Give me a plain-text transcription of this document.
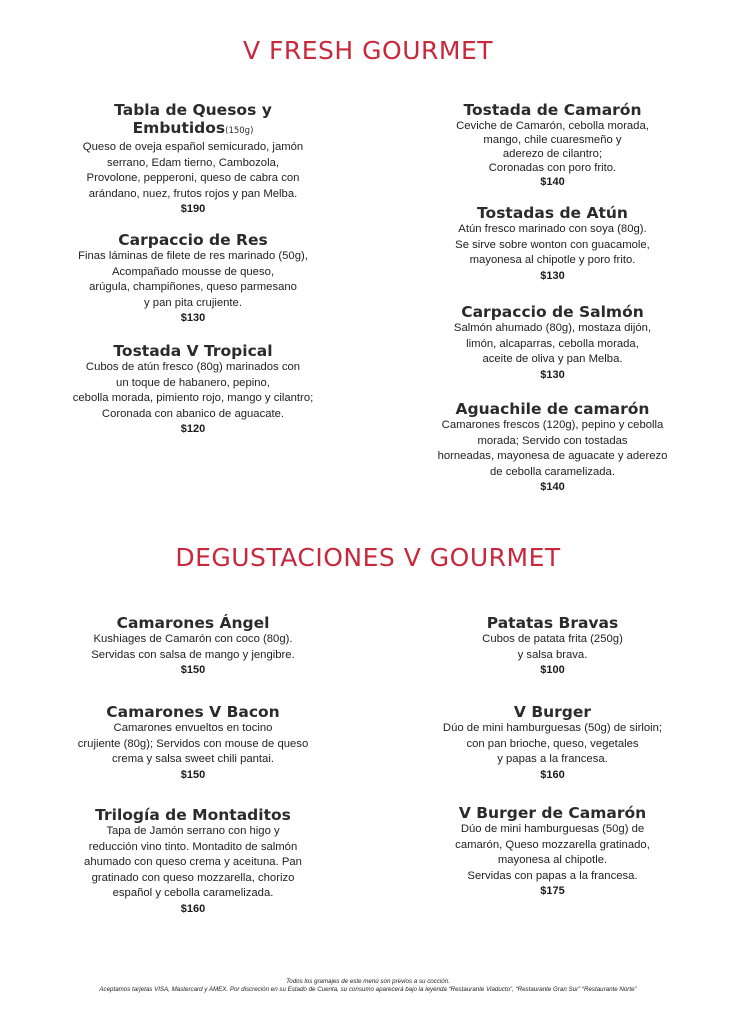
V FRESH GOURMET
Tabla de Quesos y
Embutidos(150g)
Queso de oveja español semicurado, jamón
serrano, Edam tierno, Cambozola,
Provolone, pepperoni, queso de cabra con
arándano, nuez, frutos rojos y pan Melba.
$190
Carpaccio de Res
Finas láminas de filete de res marinado (50g),
Acompañado mousse de queso,
arúgula, champiñones, queso parmesano
y pan pita crujiente.
$130
Tostada V Tropical
Cubos de atún fresco (80g) marinados con
un toque de habanero, pepino,
cebolla morada, pimiento rojo, mango y cilantro;
Coronada con abanico de aguacate.
$120
Tostada de Camarón
Ceviche de Camarón, cebolla morada,
mango, chile cuaresmeño y
aderezo de cilantro;
Coronadas con poro frito.
$140
Tostadas de Atún
Atún fresco marinado con soya (80g).
Se sirve sobre wonton con guacamole,
mayonesa al chipotle y poro frito.
$130
Carpaccio de Salmón
Salmón ahumado (80g), mostaza dijón,
limón, alcaparras, cebolla morada,
aceite de oliva y pan Melba.
$130
Aguachile de camarón
Camarones frescos (120g), pepino y cebolla
morada; Servido con tostadas
horneadas, mayonesa de aguacate y aderezo
de cebolla caramelizada.
$140
DEGUSTACIONES V GOURMET
Camarones Ángel
Kushiages de Camarón con coco (80g).
Servidas con salsa de mango y jengibre.
$150
Camarones V Bacon
Camarones envueltos en tocino
crujiente (80g); Servidos con mouse de queso
crema y salsa sweet chili pantai.
$150
Trilogía de Montaditos
Tapa de Jamón serrano con higo y
reducción vino tinto. Montadito de salmón
ahumado con queso crema y aceituna. Pan
gratinado con queso mozzarella, chorizo
español y cebolla caramelizada.
$160
Patatas Bravas
Cubos de patata frita (250g)
y salsa brava.
$100
V Burger
Dúo de mini hamburguesas (50g) de sirloin;
con pan brioche, queso, vegetales
y papas a la francesa.
$160
V Burger de Camarón
Dúo de mini hamburguesas (50g) de
camarón, Queso mozzarella gratinado,
mayonesa al chipotle.
Servidas con papas a la francesa.
$175
Todos los gramajes de este menú son previos a su cocción.
Aceptamos tarjetas VISA, Mastercard y AMEX. Por discreción en su Estado de Cuenta, su consumo aparecerá bajo la leyenda “Restaurante Viaducto”, “Restaurante Gran Sur” “Restaurante Norte”
